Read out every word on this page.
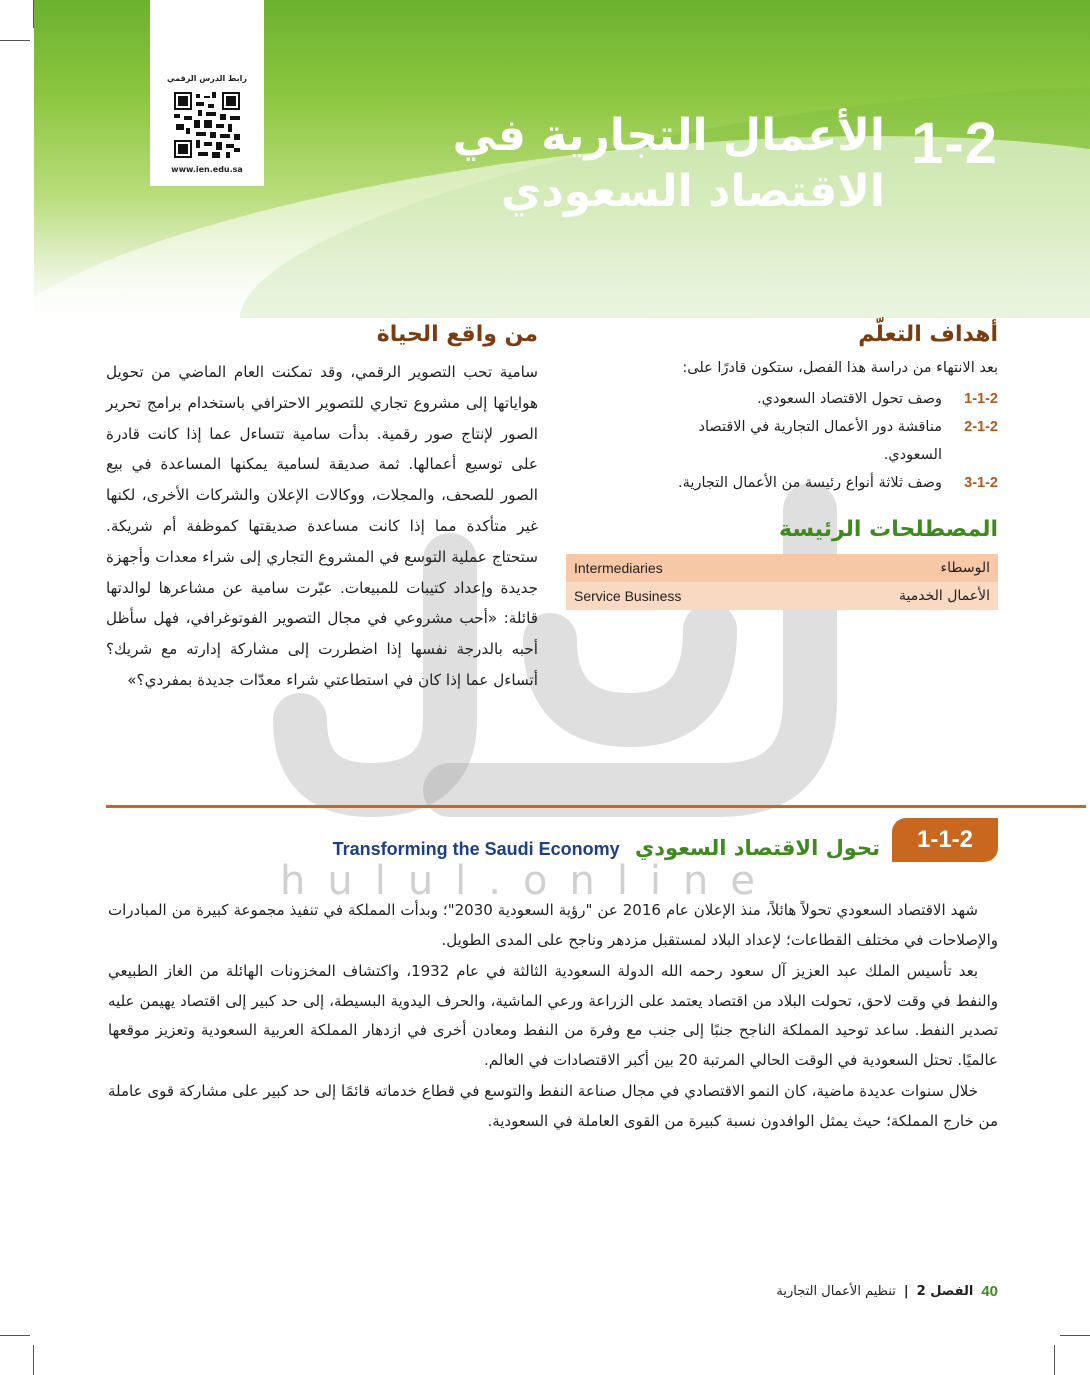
رابط الدرس الرقمي
www.ien.edu.sa	1-2
الأعمال التجارية في الاقتصاد السعودي
hulul.online
أهداف التعلّم
بعد الانتهاء من دراسة هذا الفصل، ستكون قادرًا على:
1-1-2
وصف تحول الاقتصاد السعودي.
2-1-2
مناقشة دور الأعمال التجارية في الاقتصاد السعودي.
3-1-2
وصف ثلاثة أنواع رئيسة من الأعمال التجارية.
المصطلحات الرئيسة
الوسطاء	Intermediaries
الأعمال الخدمية	Service Business
من واقع الحياة
سامية تحب التصوير الرقمي، وقد تمكنت العام الماضي من تحويل هواياتها إلى مشروع تجاري للتصوير الاحترافي باستخدام برامج تحرير الصور لإنتاج صور رقمية. بدأت سامية تتساءل عما إذا كانت قادرة على توسيع أعمالها. ثمة صديقة لسامية يمكنها المساعدة في بيع الصور للصحف، والمجلات، ووكالات الإعلان والشركات الأخرى، لكنها غير متأكدة مما إذا كانت مساعدة صديقتها كموظفة أم شريكة. ستحتاج عملية التوسع في المشروع التجاري إلى شراء معدات وأجهزة جديدة وإعداد كتيبات للمبيعات. عبّرت سامية عن مشاعرها لوالدتها قائلة: «أحب مشروعي في مجال التصوير الفوتوغرافي، فهل سأظل أحبه بالدرجة نفسها إذا اضطررت إلى مشاركة إدارته مع شريك؟ أتساءل عما إذا كان في استطاعتي شراء معدّات جديدة بمفردي؟»
1-1-2
تحول الاقتصاد السعودي Transforming the Saudi Economy

شهد الاقتصاد السعودي تحولاً هائلاً، منذ الإعلان عام 2016 عن "رؤية السعودية 2030"؛ وبدأت المملكة في تنفيذ مجموعة كبيرة من المبادرات والإصلاحات في مختلف القطاعات؛ لإعداد البلاد لمستقبل مزدهر وناجح على المدى الطويل.

بعد تأسيس الملك عبد العزيز آل سعود رحمه الله الدولة السعودية الثالثة في عام 1932، واكتشاف المخزونات الهائلة من الغاز الطبيعي والنفط في وقت لاحق، تحولت البلاد من اقتصاد يعتمد على الزراعة ورعي الماشية، والحرف اليدوية البسيطة، إلى حد كبير إلى اقتصاد يهيمن عليه تصدير النفط. ساعد توحيد المملكة الناجح جنبًا إلى جنب مع وفرة من النفط ومعادن أخرى في ازدهار المملكة العربية السعودية وتعزيز موقعها عالميًا. تحتل السعودية في الوقت الحالي المرتبة 20 بين أكبر الاقتصادات في العالم.

خلال سنوات عديدة ماضية، كان النمو الاقتصادي في مجال صناعة النفط والتوسع في قطاع خدماته قائمًا إلى حد كبير على مشاركة قوى عاملة من خارج المملكة؛ حيث يمثل الوافدون نسبة كبيرة من القوى العاملة في السعودية.

40
الفصل 2
|
تنظيم الأعمال التجارية
